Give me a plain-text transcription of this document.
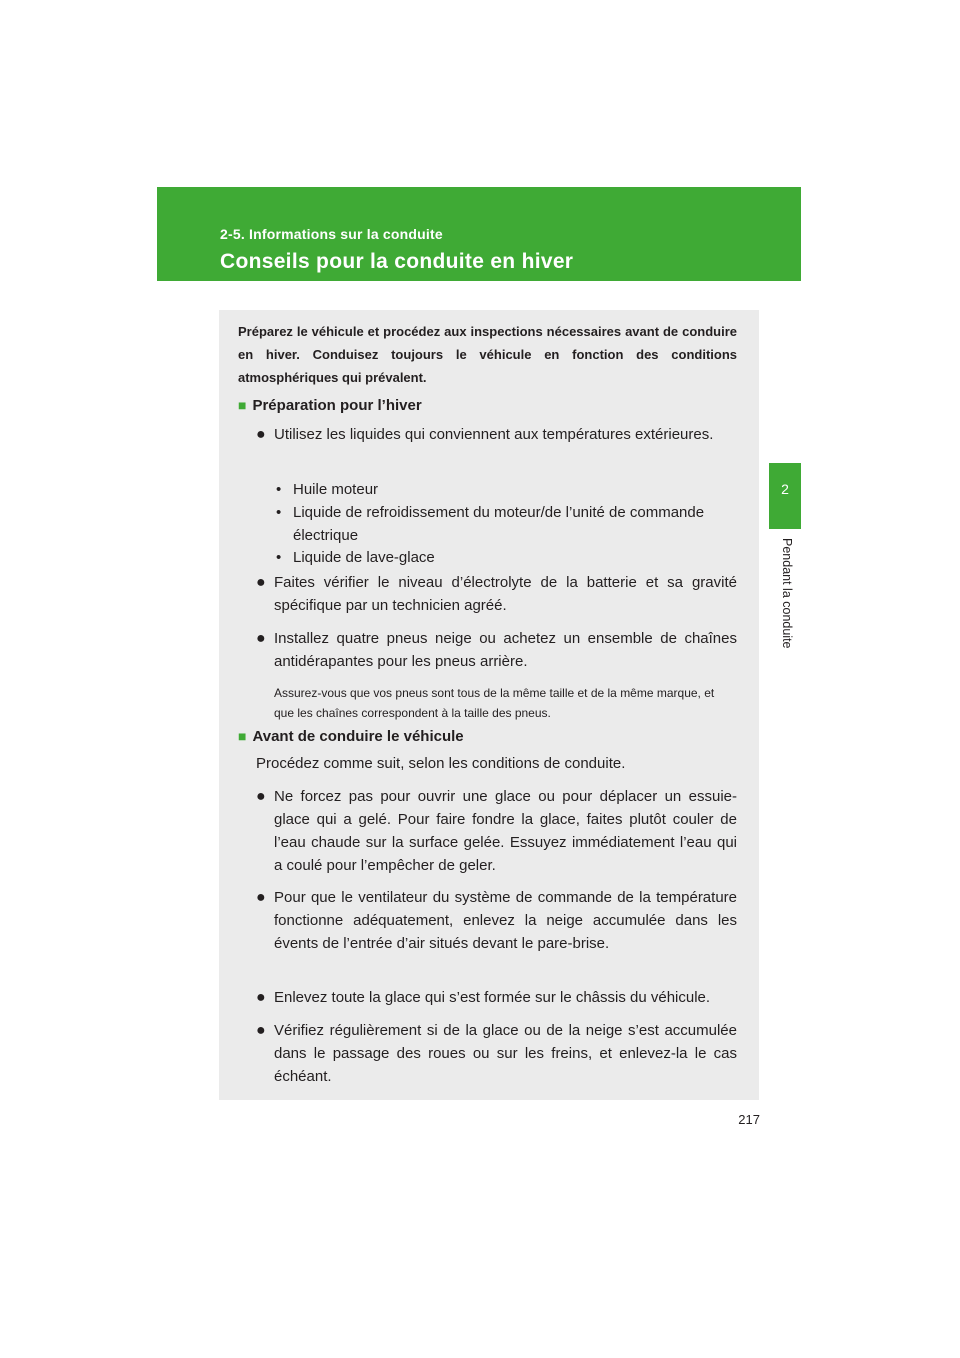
2-5. Informations sur la conduite
Conseils pour la conduite en hiver
2
Pendant la conduite
Préparez le véhicule et procédez aux inspections nécessaires avant de conduire en hiver. Conduisez toujours le véhicule en fonction des conditions atmosphériques qui prévalent.
■ Préparation pour l’hiver
● Utilisez les liquides qui conviennent aux températures extérieures.
• Huile moteur
• Liquide de refroidissement du moteur/de l’unité de commande électrique
• Liquide de lave-glace
● Faites vérifier le niveau d’électrolyte de la batterie et sa gravité spécifique par un technicien agréé.
● Installez quatre pneus neige ou achetez un ensemble de chaînes antidérapantes pour les pneus arrière.
Assurez-vous que vos pneus sont tous de la même taille et de la même marque, et que les chaînes correspondent à la taille des pneus.
■ Avant de conduire le véhicule
Procédez comme suit, selon les conditions de conduite.
● Ne forcez pas pour ouvrir une glace ou pour déplacer un essuie-glace qui a gelé. Pour faire fondre la glace, faites plutôt couler de l’eau chaude sur la surface gelée. Essuyez immédiatement l’eau qui a coulé pour l’empêcher de geler.
● Pour que le ventilateur du système de commande de la température fonctionne adéquatement, enlevez la neige accumulée dans les évents de l’entrée d’air situés devant le pare-brise.
● Enlevez toute la glace qui s’est formée sur le châssis du véhicule.
● Vérifiez régulièrement si de la glace ou de la neige s’est accumulée dans le passage des roues ou sur les freins, et enlevez-la le cas échéant.
217
